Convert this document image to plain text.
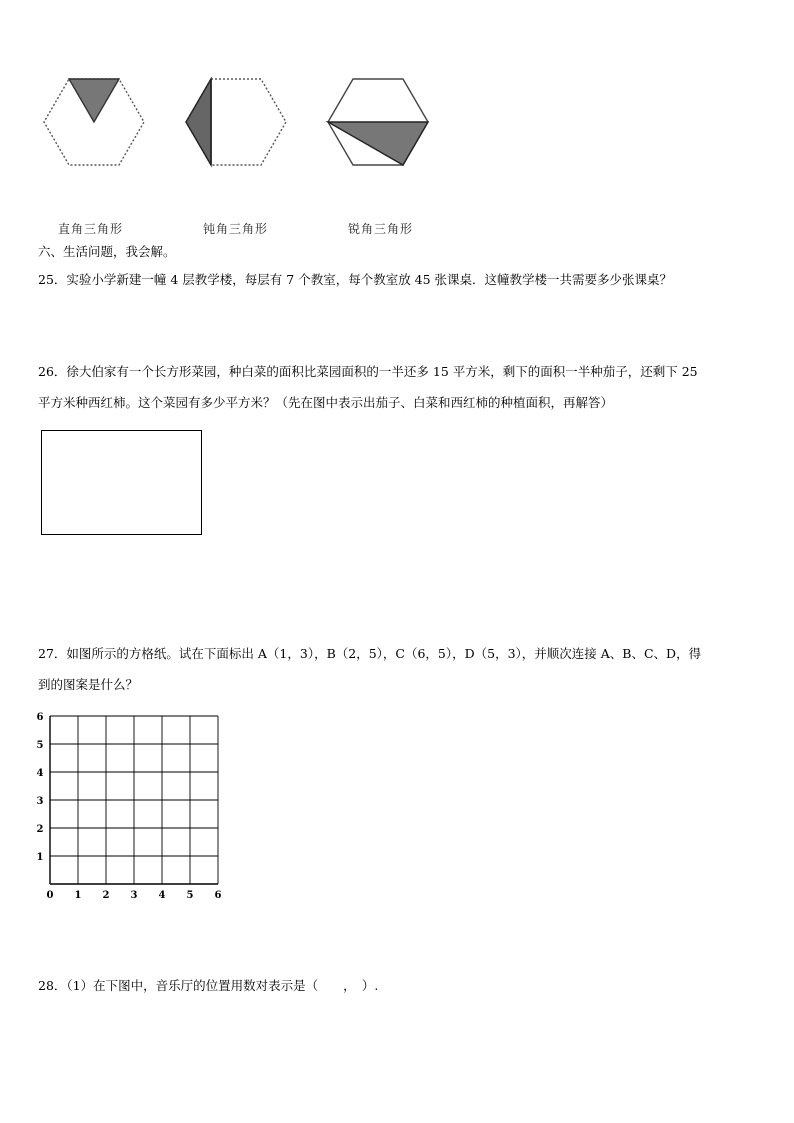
直角三角形	钝角三角形	锐角三角形
六、生活问题，我会解。
25．实验小学新建一幢 4 层教学楼，每层有 7 个教室，每个教室放 45 张课桌．这幢教学楼一共需要多少张课桌？
26．徐大伯家有一个长方形菜园，种白菜的面积比菜园面积的一半还多 15 平方米，剩下的面积一半种茄子，还剩下 25
平方米种西红柿。这个菜园有多少平方米？（先在图中表示出茄子、白菜和西红柿的种植面积，再解答）
27．如图所示的方格纸。试在下面标出 A（1，3），B（2，5），C（6，5），D（5，3），并顺次连接 A、B、C、D，得
到的图案是什么？
0 1 2 3 4 5 6
1
2
3
4
5
6
28．（1）在下图中，音乐厅的位置用数对表示是（　　，　）.
